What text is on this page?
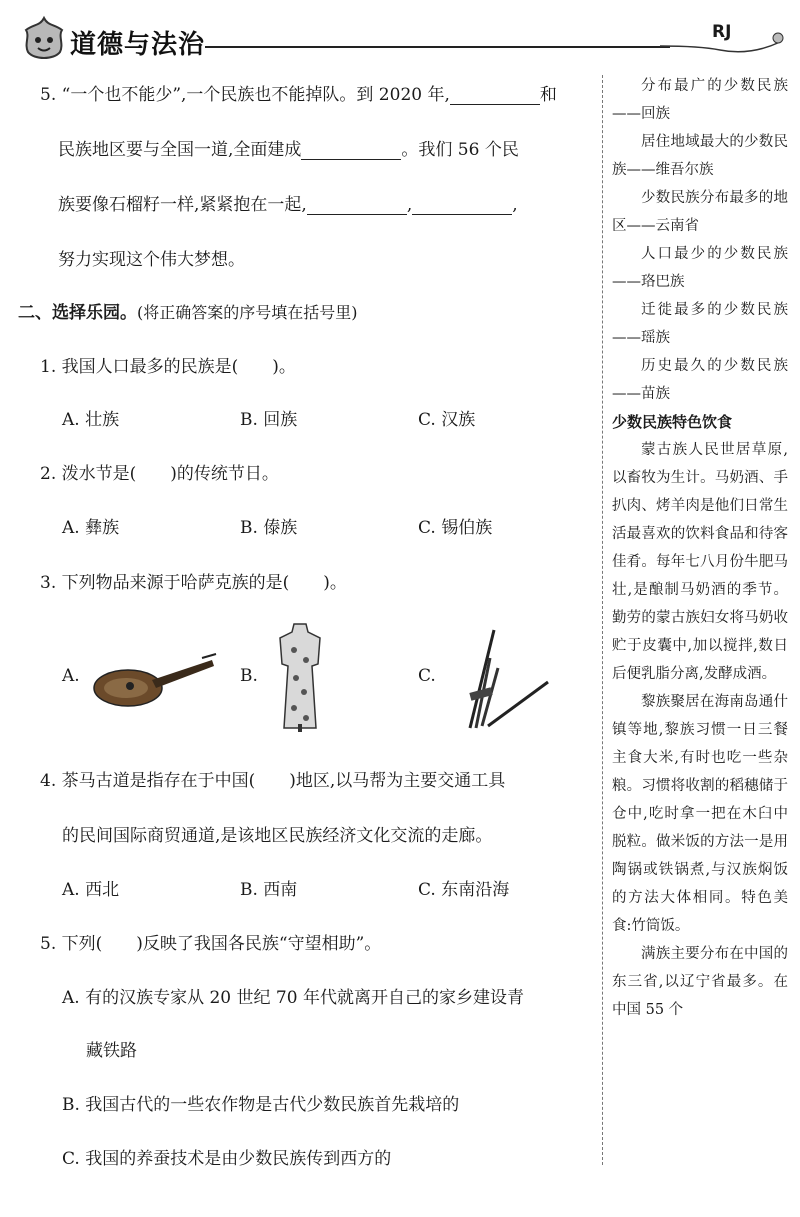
道德与法治	RJ
5. “一个也不能少”,一个民族也不能掉队。到 2020 年,	和
民族地区要与全国一道,全面建成	。我们 56 个民
族要像石榴籽一样,紧紧抱在一起,	,	,
努力实现这个伟大梦想。
二、选择乐园。(将正确答案的序号填在括号里)
1. 我国人口最多的民族是(　　)。
A. 壮族	B. 回族	C. 汉族
2. 泼水节是(　　)的传统节日。
A. 彝族	B. 傣族	C. 锡伯族
3. 下列物品来源于哈萨克族的是(　　)。
A.	B.	C.
4. 茶马古道是指存在于中国(　　)地区,以马帮为主要交通工具
的民间国际商贸通道,是该地区民族经济文化交流的走廊。
A. 西北	B. 西南	C. 东南沿海
5. 下列(　　)反映了我国各民族“守望相助”。
A. 有的汉族专家从 20 世纪 70 年代就离开自己的家乡建设青
藏铁路
B. 我国古代的一些农作物是古代少数民族首先栽培的
C. 我国的养蚕技术是由少数民族传到西方的

分布最广的少数民族——回族

居住地域最大的少数民族——维吾尔族

少数民族分布最多的地区——云南省

人口最少的少数民族——珞巴族

迁徙最多的少数民族——瑶族

历史最久的少数民族——苗族

少数民族特色饮食

蒙古族人民世居草原,以畜牧为生计。马奶酒、手扒肉、烤羊肉是他们日常生活最喜欢的饮料食品和待客佳肴。每年七八月份牛肥马壮,是酿制马奶酒的季节。勤劳的蒙古族妇女将马奶收贮于皮囊中,加以搅拌,数日后便乳脂分离,发酵成酒。

黎族聚居在海南岛通什镇等地,黎族习惯一日三餐主食大米,有时也吃一些杂粮。习惯将收割的稻穗储于仓中,吃时拿一把在木臼中脱粒。做米饭的方法一是用陶锅或铁锅煮,与汉族焖饭的方法大体相同。特色美食:竹筒饭。

满族主要分布在中国的东三省,以辽宁省最多。在中国 55 个
